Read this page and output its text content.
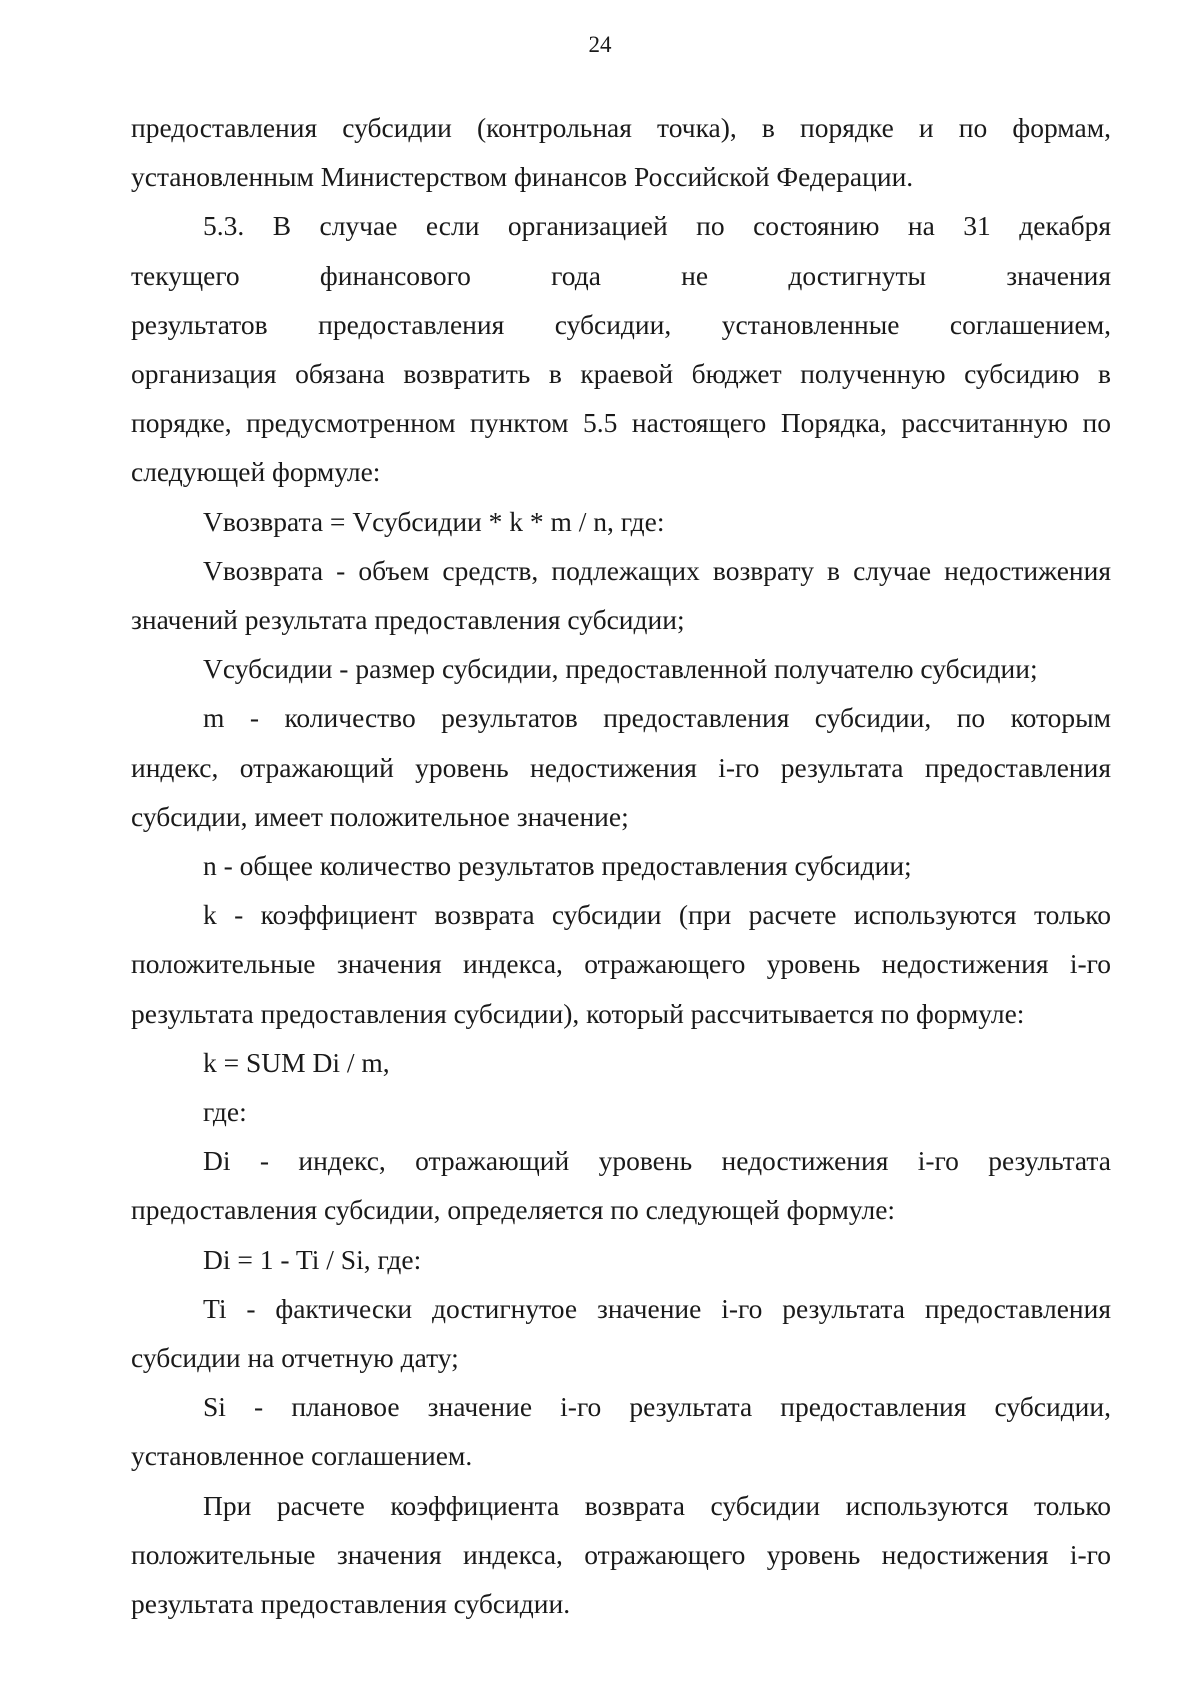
24

предоставления субсидии (контрольная точка), в порядке и по формам,

установленным Министерством финансов Российской Федерации.

5.3. В случае если организацией по состоянию на 31 декабря

текущего финансового года не достигнуты значения

результатов предоставления субсидии, установленные соглашением,

организация обязана возвратить в краевой бюджет полученную субсидию в

порядке, предусмотренном пунктом 5.5 настоящего Порядка, рассчитанную по

следующей формуле:

Vвозврата = Vсубсидии * k * m / n, где:

Vвозврата - объем средств, подлежащих возврату в случае недостижения

значений результата предоставления субсидии;

Vсубсидии - размер субсидии, предоставленной получателю субсидии;

m - количество результатов предоставления субсидии, по которым

индекс, отражающий уровень недостижения i-го результата предоставления

субсидии, имеет положительное значение;

n - общее количество результатов предоставления субсидии;

k - коэффициент возврата субсидии (при расчете используются только

положительные значения индекса, отражающего уровень недостижения i-го

результата предоставления субсидии), который рассчитывается по формуле:

k = SUM Di / m,

где:

Di - индекс, отражающий уровень недостижения i-го результата

предоставления субсидии, определяется по следующей формуле:

Di = 1 - Ti / Si, где:

Ti - фактически достигнутое значение i-го результата предоставления

субсидии на отчетную дату;

Si - плановое значение i-го результата предоставления субсидии,

установленное соглашением.

При расчете коэффициента возврата субсидии используются только

положительные значения индекса, отражающего уровень недостижения i-го

результата предоставления субсидии.
